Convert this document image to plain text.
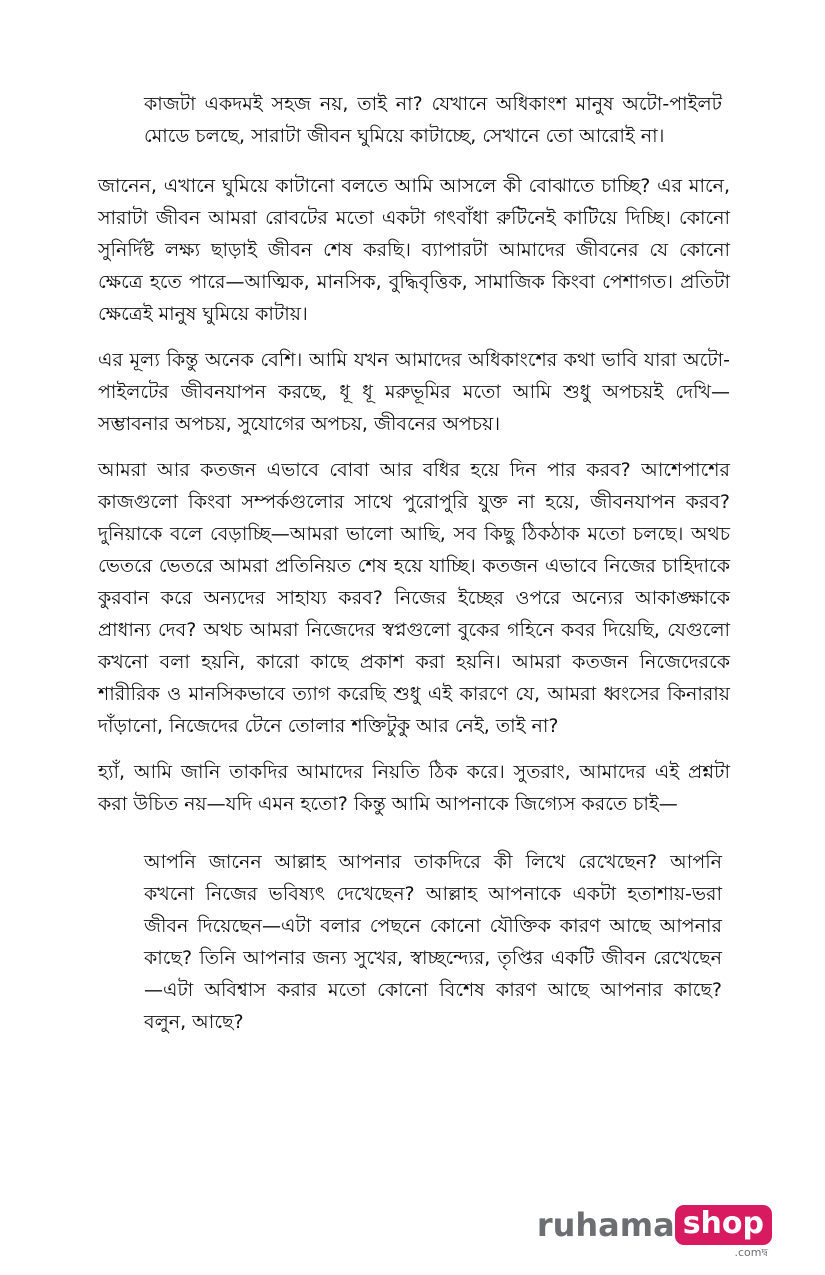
কাজটা একদমই সহজ নয়, তাই না? যেখানে অধিকাংশ মানুষ অটো-পাইলট মোডে চলছে, সারাটা জীবন ঘুমিয়ে কাটাচ্ছে, সেখানে তো আরোই না।

জানেন, এখানে ঘুমিয়ে কাটানো বলতে আমি আসলে কী বোঝাতে চাচ্ছি? এর মানে, সারাটা জীবন আমরা রোবটের মতো একটা গৎবাঁধা রুটিনেই কাটিয়ে দিচ্ছি। কোনো সুনির্দিষ্ট লক্ষ্য ছাড়াই জীবন শেষ করছি। ব্যাপারটা আমাদের জীবনের যে কোনো ক্ষেত্রে হতে পারে—আত্মিক, মানসিক, বুদ্ধিবৃত্তিক, সামাজিক কিংবা পেশাগত। প্রতিটা ক্ষেত্রেই মানুষ ঘুমিয়ে কাটায়।

এর মূল্য কিন্তু অনেক বেশি। আমি যখন আমাদের অধিকাংশের কথা ভাবি যারা অটো-পাইলটের জীবনযাপন করছে, ধূ ধূ মরুভূমির মতো আমি শুধু অপচয়ই দেখি—সম্ভাবনার অপচয়, সুযোগের অপচয়, জীবনের অপচয়।

আমরা আর কতজন এভাবে বোবা আর বধির হয়ে দিন পার করব? আশেপাশের কাজগুলো কিংবা সম্পর্কগুলোর সাথে পুরোপুরি যুক্ত না হয়ে, জীবনযাপন করব? দুনিয়াকে বলে বেড়াচ্ছি—আমরা ভালো আছি, সব কিছু ঠিকঠাক মতো চলছে। অথচ ভেতরে ভেতরে আমরা প্রতিনিয়ত শেষ হয়ে যাচ্ছি। কতজন এভাবে নিজের চাহিদাকে কুরবান করে অন্যদের সাহায্য করব? নিজের ইচ্ছের ওপরে অন্যের আকাঙ্ক্ষাকে প্রাধান্য দেব? অথচ আমরা নিজেদের স্বপ্নগুলো বুকের গহিনে কবর দিয়েছি, যেগুলো কখনো বলা হয়নি, কারো কাছে প্রকাশ করা হয়নি। আমরা কতজন নিজেদেরকে শারীরিক ও মানসিকভাবে ত্যাগ করেছি শুধু এই কারণে যে, আমরা ধ্বংসের কিনারায় দাঁড়ানো, নিজেদের টেনে তোলার শক্তিটুকু আর নেই, তাই না?

হ্যাঁ, আমি জানি তাকদির আমাদের নিয়তি ঠিক করে। সুতরাং, আমাদের এই প্রশ্নটা করা উচিত নয়—যদি এমন হতো? কিন্তু আমি আপনাকে জিগ্যেস করতে চাই—

আপনি জানেন আল্লাহ আপনার তাকদিরে কী লিখে রেখেছেন? আপনি কখনো নিজের ভবিষ্যৎ দেখেছেন? আল্লাহ আপনাকে একটা হতাশায়-ভরা জীবন দিয়েছেন—এটা বলার পেছনে কোনো যৌক্তিক কারণ আছে আপনার কাছে? তিনি আপনার জন্য সুখের, স্বাচ্ছন্দ্যের, তৃপ্তির একটি জীবন রেখেছেন—এটা অবিশ্বাস করার মতো কোনো বিশেষ কারণ আছে আপনার কাছে? বলুন, আছে?

ruhama shop
.comদ্ব
